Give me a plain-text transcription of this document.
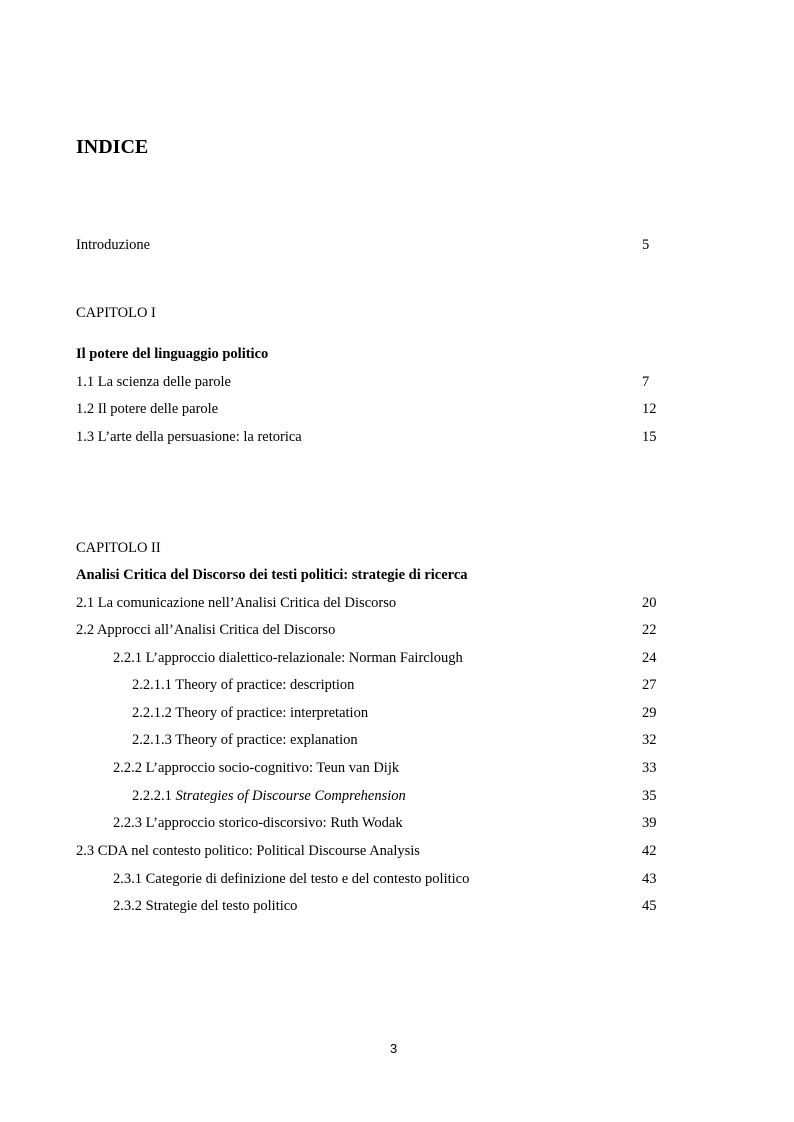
INDICE
Introduzione	5
CAPITOLO I
Il potere del linguaggio politico
1.1 La scienza delle parole	7
1.2 Il potere delle parole	12
1.3 L’arte della persuasione: la retorica	15
CAPITOLO II
Analisi Critica del Discorso dei testi politici: strategie di ricerca
2.1 La comunicazione nell’Analisi Critica del Discorso	20
2.2 Approcci all’Analisi Critica del Discorso	22
2.2.1 L’approccio dialettico-relazionale: Norman Fairclough	24
2.2.1.1 Theory of practice: description	27
2.2.1.2 Theory of practice: interpretation	29
2.2.1.3 Theory of practice: explanation	32
2.2.2 L’approccio socio-cognitivo: Teun van Dijk	33
2.2.2.1 Strategies of Discourse Comprehension	35
2.2.3 L’approccio storico-discorsivo: Ruth Wodak	39
2.3 CDA nel contesto politico: Political Discourse Analysis	42
2.3.1 Categorie di definizione del testo e del contesto politico	43
2.3.2 Strategie del testo politico	45
3
